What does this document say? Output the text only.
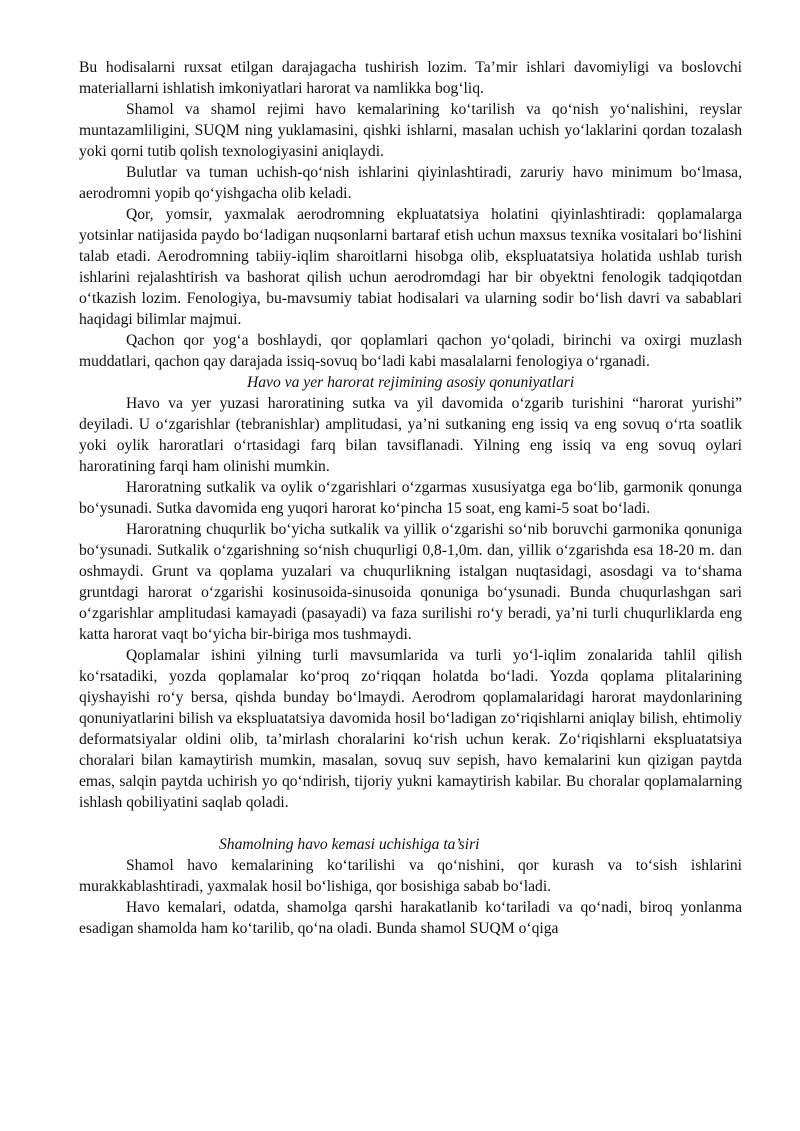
Bu hodisalarni ruxsat etilgan darajagacha tushirish lozim. Ta’mir ishlari davomiyligi va boslovchi materiallarni ishlatish imkoniyatlari harorat va namlikka bog‘liq.

Shamol va shamol rejimi havo kemalarining ko‘tarilish va qo‘nish yo‘nalishini, reyslar muntazamliligini, SUQM ning yuklamasini, qishki ishlarni, masalan uchish yo‘laklarini qordan tozalash yoki qorni tutib qolish texnologiyasini aniqlaydi.

Bulutlar va tuman uchish-qo‘nish ishlarini qiyinlashtiradi, zaruriy havo minimum bo‘lmasa, aerodromni yopib qo‘yishgacha olib keladi.

Qor, yomsir, yaxmalak aerodromning ekpluatatsiya holatini qiyinlashtiradi: qoplamalarga yotsinlar natijasida paydo bo‘ladigan nuqsonlarni bartaraf etish uchun maxsus texnika vositalari bo‘lishini talab etadi. Aerodromning tabiiy-iqlim sharoitlarni hisobga olib, ekspluatatsiya holatida ushlab turish ishlarini rejalashtirish va bashorat qilish uchun aerodromdagi har bir obyektni fenologik tadqiqotdan o‘tkazish lozim. Fenologiya, bu-mavsumiy tabiat hodisalari va ularning sodir bo‘lish davri va sabablari haqidagi bilimlar majmui.

Qachon qor yog‘a boshlaydi, qor qoplamlari qachon yo‘qoladi, birinchi va oxirgi muzlash muddatlari, qachon qay darajada issiq-sovuq bo‘ladi kabi masalalarni fenologiya o‘rganadi.

Havo va yer harorat rejimining asosiy qonuniyatlari

Havo va yer yuzasi haroratining sutka va yil davomida o‘zgarib turishini “harorat yurishi” deyiladi. U o‘zgarishlar (tebranishlar) amplitudasi, ya’ni sutkaning eng issiq va eng sovuq o‘rta soatlik yoki oylik haroratlari o‘rtasidagi farq bilan tavsiflanadi. Yilning eng issiq va eng sovuq oylari haroratining farqi ham olinishi mumkin.

Haroratning sutkalik va oylik o‘zgarishlari o‘zgarmas xususiyatga ega bo‘lib, garmonik qonunga bo‘ysunadi. Sutka davomida eng yuqori harorat ko‘pincha 15 soat, eng kami-5 soat bo‘ladi.

Haroratning chuqurlik bo‘yicha sutkalik va yillik o‘zgarishi so‘nib boruvchi garmonika qonuniga bo‘ysunadi. Sutkalik o‘zgarishning so‘nish chuqurligi 0,8-1,0m. dan, yillik o‘zgarishda esa 18-20 m. dan oshmaydi. Grunt va qoplama yuzalari va chuqurlikning istalgan nuqtasidagi, asosdagi va to‘shama gruntdagi harorat o‘zgarishi kosinusoida-sinusoida qonuniga bo‘ysunadi. Bunda chuqurlashgan sari o‘zgarishlar amplitudasi kamayadi (pasayadi) va faza surilishi ro‘y beradi, ya’ni turli chuqurliklarda eng katta harorat vaqt bo‘yicha bir-biriga mos tushmaydi.

Qoplamalar ishini yilning turli mavsumlarida va turli yo‘l-iqlim zonalarida tahlil qilish ko‘rsatadiki, yozda qoplamalar ko‘proq zo‘riqqan holatda bo‘ladi. Yozda qoplama plitalarining qiyshayishi ro‘y bersa, qishda bunday bo‘lmaydi. Aerodrom qoplamalaridagi harorat maydonlarining qonuniyatlarini bilish va ekspluatatsiya davomida hosil bo‘ladigan zo‘riqishlarni aniqlay bilish, ehtimoliy deformatsiyalar oldini olib, ta’mirlash choralarini ko‘rish uchun kerak. Zo‘riqishlarni ekspluatatsiya choralari bilan kamaytirish mumkin, masalan, sovuq suv sepish, havo kemalarini kun qizigan paytda emas, salqin paytda uchirish yo qo‘ndirish, tijoriy yukni kamaytirish kabilar. Bu choralar qoplamalarning ishlash qobiliyatini saqlab qoladi.

Shamolning havo kemasi uchishiga ta’siri

Shamol havo kemalarining ko‘tarilishi va qo‘nishini, qor kurash va to‘sish ishlarini murakkablashtiradi, yaxmalak hosil bo‘lishiga, qor bosishiga sabab bo‘ladi.

Havo kemalari, odatda, shamolga qarshi harakatlanib ko‘tariladi va qo‘nadi, biroq yonlanma esadigan shamolda ham ko‘tarilib, qo‘na oladi. Bunda shamol SUQM o‘qiga
